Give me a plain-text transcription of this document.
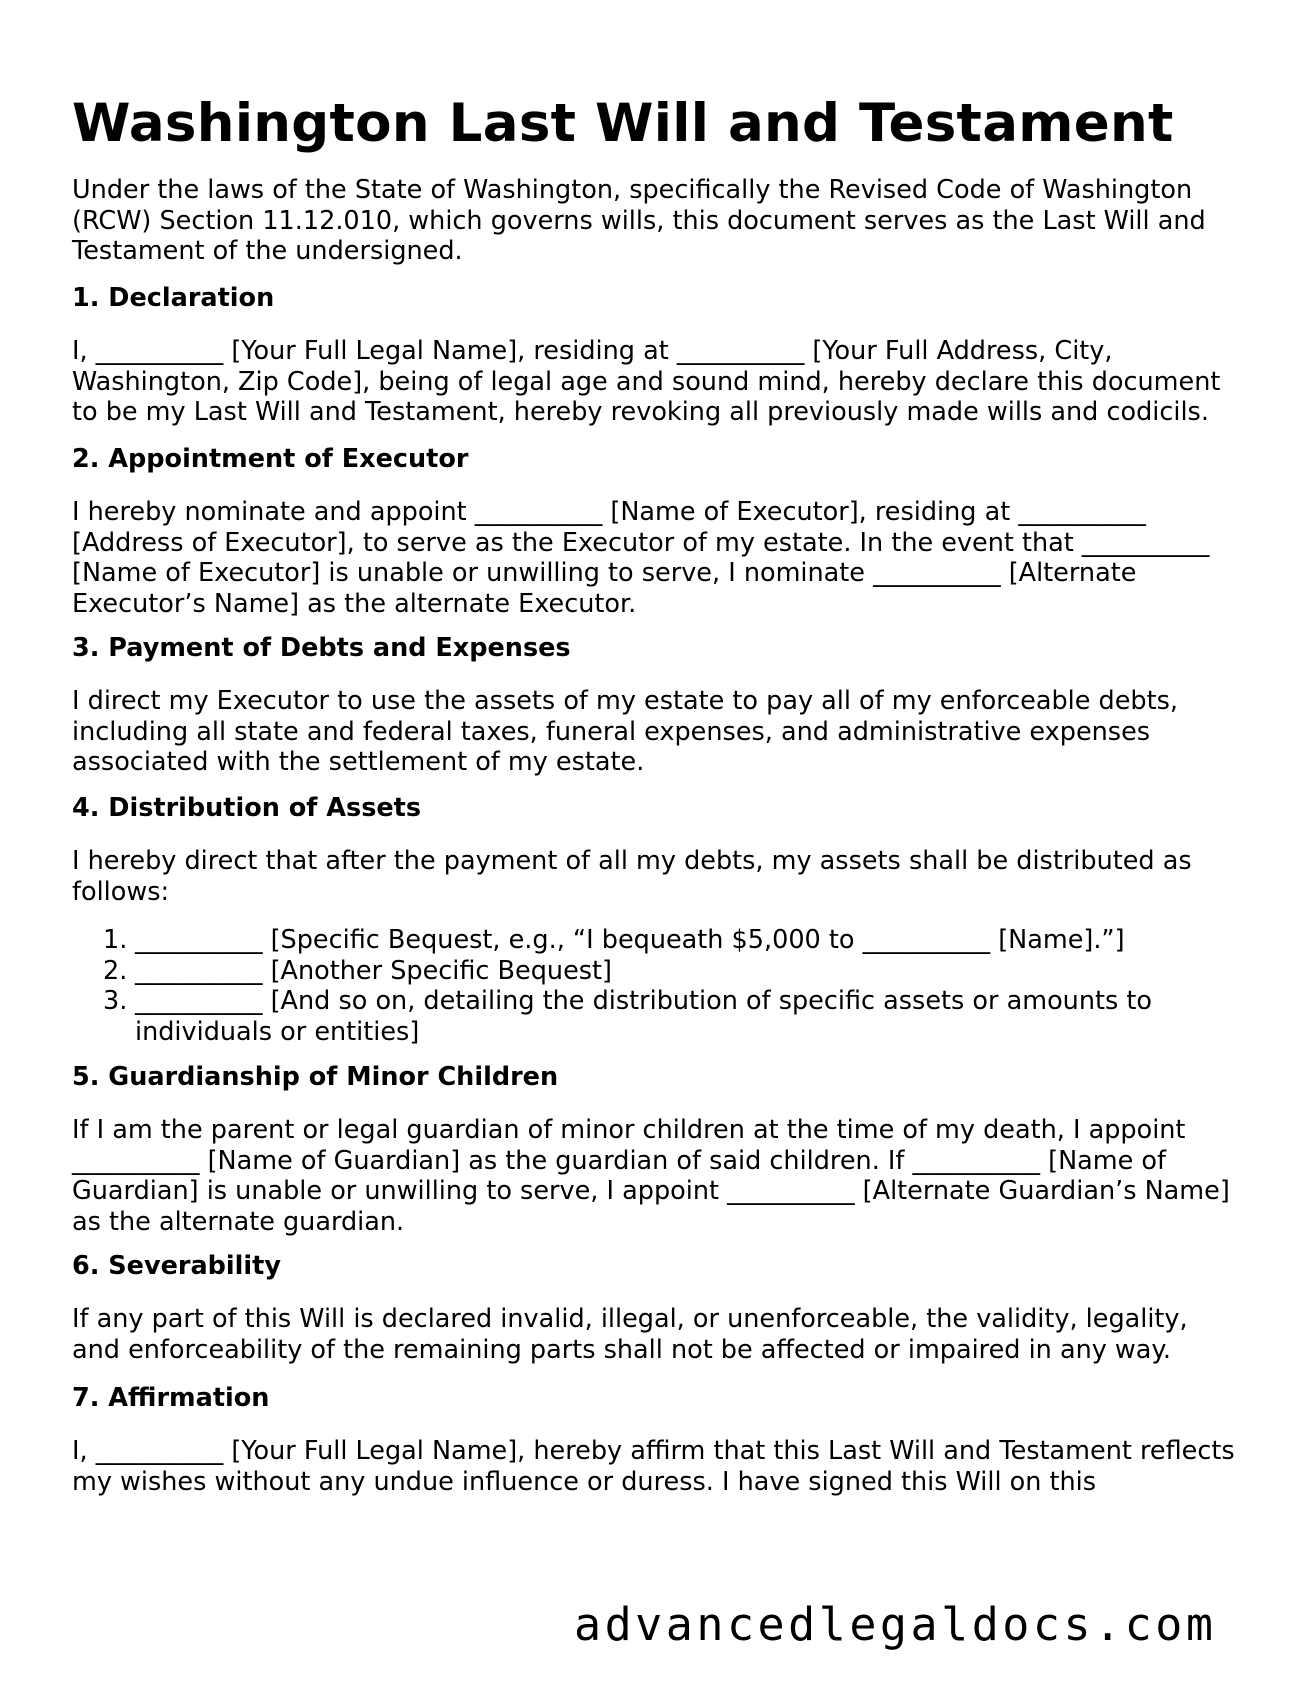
Washington Last Will and Testament

Under the laws of the State of Washington, specifically the Revised Code of Washington (RCW) Section 11.12.010, which governs wills, this document serves as the Last Will and Testament of the undersigned.

1. Declaration

I, __________ [Your Full Legal Name], residing at __________ [Your Full Address, City, Washington, Zip Code], being of legal age and sound mind, hereby declare this document to be my Last Will and Testament, hereby revoking all previously made wills and codicils.

2. Appointment of Executor

I hereby nominate and appoint __________ [Name of Executor], residing at __________ [Address of Executor], to serve as the Executor of my estate. In the event that __________ [Name of Executor] is unable or unwilling to serve, I nominate __________ [Alternate Executor’s Name] as the alternate Executor.

3. Payment of Debts and Expenses

I direct my Executor to use the assets of my estate to pay all of my enforceable debts, including all state and federal taxes, funeral expenses, and administrative expenses associated with the settlement of my estate.

4. Distribution of Assets

I hereby direct that after the payment of all my debts, my assets shall be distributed as follows:

1. __________ [Specific Bequest, e.g., “I bequeath $5,000 to __________ [Name].”]
2. __________ [Another Specific Bequest]
3. __________ [And so on, detailing the distribution of specific assets or amounts to individuals or entities]
5. Guardianship of Minor Children

If I am the parent or legal guardian of minor children at the time of my death, I appoint __________ [Name of Guardian] as the guardian of said children. If __________ [Name of Guardian] is unable or unwilling to serve, I appoint __________ [Alternate Guardian’s Name] as the alternate guardian.

6. Severability

If any part of this Will is declared invalid, illegal, or unenforceable, the validity, legality, and enforceability of the remaining parts shall not be affected or impaired in any way.

7. Affirmation

I, __________ [Your Full Legal Name], hereby affirm that this Last Will and Testament reflects my wishes without any undue influence or duress. I have signed this Will on this

advancedlegaldocs.com
